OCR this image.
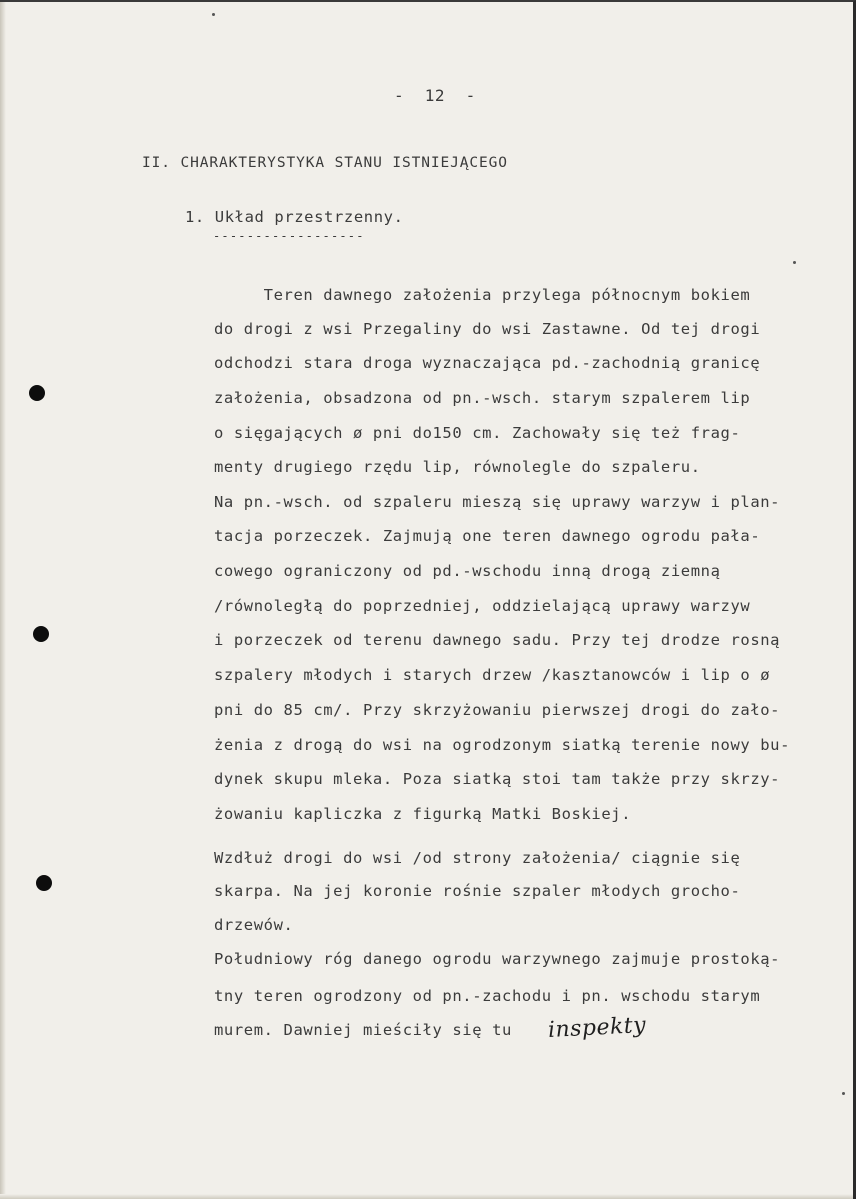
-  12  -
II. CHARAKTERYSTYKA STANU ISTNIEJĄCEGO
1. Układ przestrzenny.
------------------
Teren dawnego założenia przylega północnym bokiem
do drogi z wsi Przegaliny do wsi Zastawne. Od tej drogi
odchodzi stara droga wyznaczająca pd.-zachodnią granicę
założenia, obsadzona od pn.-wsch. starym szpalerem lip
o sięgających ø pni do150 cm. Zachowały się też frag-
menty drugiego rzędu lip, równolegle do szpaleru.
Na pn.-wsch. od szpaleru mieszą się uprawy warzyw i plan-
tacja porzeczek. Zajmują one teren dawnego ogrodu pała-
cowego ograniczony od pd.-wschodu inną drogą ziemną
/równoległą do poprzedniej, oddzielającą uprawy warzyw
i porzeczek od terenu dawnego sadu. Przy tej drodze rosną
szpalery młodych i starych drzew /kasztanowców i lip o ø
pni do 85 cm/. Przy skrzyżowaniu pierwszej drogi do zało-
żenia z drogą do wsi na ogrodzonym siatką terenie nowy bu-
dynek skupu mleka. Poza siatką stoi tam także przy skrzy-
żowaniu kapliczka z figurką Matki Boskiej.
Wzdłuż drogi do wsi /od strony założenia/ ciągnie się
skarpa. Na jej koronie rośnie szpaler młodych grocho-
drzewów.
Południowy róg danego ogrodu warzywnego zajmuje prostoką-
tny teren ogrodzony od pn.-zachodu i pn. wschodu starym
murem. Dawniej mieściły się tu inspekty
